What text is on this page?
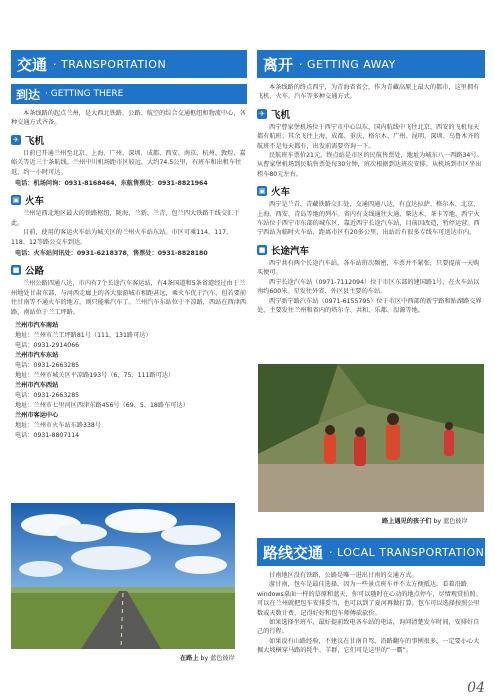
交通 · TRANSPORTATION
到达 · GETTING THERE

本条线路的起点兰州，是大西北铁路、公路、航空的综合交通枢纽和物流中心，各种交通方式齐备。

✈ 飞机

目前已开通兰州至北京、上海、广州、深圳、成都、西安、南京、杭州、敦煌、嘉峪关等近三十条航线。兰州中川机场距市区较远，大约74.5公里，有班车和出租车往返，约一小时可达。

电话：机场问询：0931-8168464，东航售票处：0931-8821964
▣ 火车

兰州是西北地区最大的铁路枢纽，陇海、兰新、兰青、包兰四大铁路干线交汇于此。

目前，使用的客运火车站为城关区的兰州火车站东站。市区可乘114、117、118、12等路公交车到达。

电话：火车站问讯处：0931-6218378，售票处：0931-8828180
■ 公路

兰州公路四通八达，市内有7个长途汽车客运站，有4条国道和5条省道经过由于兰州地处甘肃东部，与河西走廊上的各大旅游城市相距甚远，乘火车优于汽车，但若要前往甘南等不通火车的地方，则只能乘汽车了。兰州汽车东站位于平凉路，西站在西津西路，南站位于兰工坪路。

兰州市汽车南站
地址：兰州市兰工坪路81号（111、131路可达）
电话：0931-2914066
兰州市汽车东站
电话：0931-2663285
地址：兰州市城关区平凉路193号（6、75、111路可达）
兰州市汽车西站
电话：0931-2663285
地址：兰州市七里河区西津东路456号（69、5、18路车可达）
兰州市客运中心
地址：兰州市火车站东路338号
电话：0931-8807114
在路上 by 蓝色彼岸
离开 · GETTING AWAY

本条线路的终点西宁，为青海省省会，作为青藏高原上最大的都市，这里拥有飞机、火车、汽车等多种交通方式。

✈ 飞机

西宁曹家堡机场位于西宁市中心以东，国内航线中飞往北京、西安的飞机每天都有航班；其余飞往上海、成都、重庆、格尔木、广州、昆明、深圳、乌鲁木齐的航班不是每天都有，出发前需要咨询一下。

民航班车票价21元，终点站是市区的民航售票处，地址为城东八一西路34号。从曹家堡机场到民航售票处每30分钟，班次根据到达班次安排。从机场到市区坐出租车80元左右。

▣ 火车

西宁是兰青、青藏铁路交汇处，交通四通八达，有直达拉萨、格尔木、北京、上海、西安、青岛等地的列车。省内有支线通往大通、柴达木、茶卡等地。西宁火车站位于西宁市东部的城东区，靠近西宁长途汽车站，目前因改造，暂停运营。西宁西站为临时火车站，距离市区有20多公里，出站后有很多专线车可送达市内。

■ 长途汽车

西宁共有两个长途汽车站。各车站班次频密，车票并不紧张，只要提前一天购买便可。

西宁长途汽车站（0971-7112094）位于市区东部的建国路1号，在火车站以南约600米。星发往外省、外区县主要的车站。

西宁新宁路汽车站（0971-6155795）位于市区中西部的新宁路和贴湖路交界处，主要发往兰州和省内的塔尔寺、共和、乐都、湟源等地。

路上遇见的孩子们 by 蓝色彼岸
路线交通 · LOCAL TRANSPORTATION

甘南地区没有铁路，公路是唯一进出甘南的交通方式。

游甘南，包车是最佳选择，因为一些景点班车并不太方便抵达。看着沿路windows桌面一样的草原和蓝天，你可以随时在心动的地点停车，尽情观赏拍照。可以在兰州就把包车安排妥当，也可以到了夏河再做打算。包车可以选择按照公里数或天数计费，记得好好和包车师傅砍砍价。

如果选择坐班车，最好提前致电各车站的电话，询问清楚发车时间，安排好自己的行程。

如果没有山路经验，不建议在甘南自驾，沿路翻车的事例很多，一定要小心大掘大坡横穿马路的牦牛、羊群，它们可是这里的“一霸”。

04
